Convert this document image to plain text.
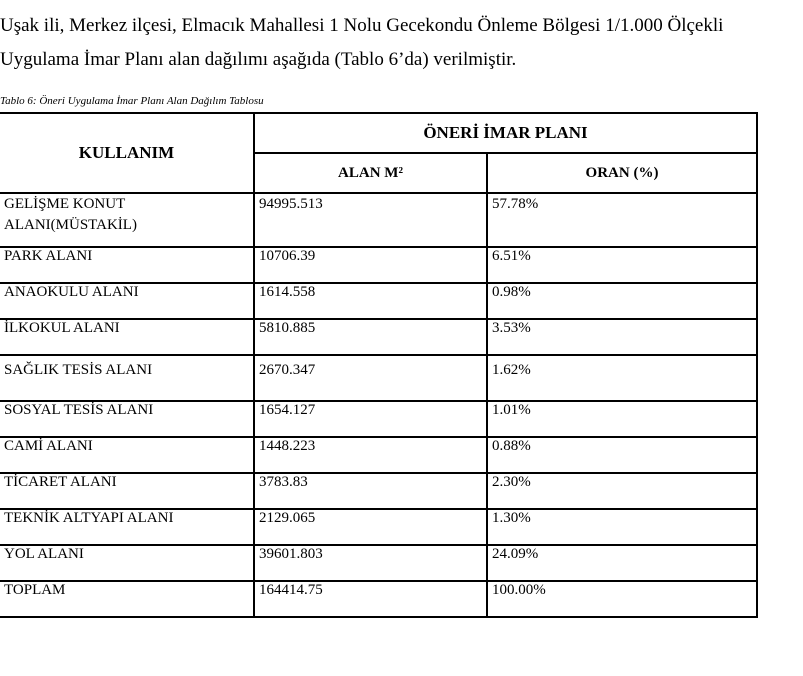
Uşak ili, Merkez ilçesi, Elmacık Mahallesi 1 Nolu Gecekondu Önleme Bölgesi 1/1.000 Ölçekli
Uygulama İmar Planı alan dağılımı aşağıda (Tablo 6’da) verilmiştir.
Tablo 6: Öneri Uygulama İmar Planı Alan Dağılım Tablosu
KULLANIM	ÖNERİ İMAR PLANI	
	ALAN M²	ORAN (%)
GELİŞME KONUT ALANI(MÜSTAKİL)	94995.513	57.78%
PARK ALANI	10706.39	6.51%
ANAOKULU ALANI	1614.558	0.98%
İLKOKUL ALANI	5810.885	3.53%
SAĞLIK TESİS ALANI	2670.347	1.62%
SOSYAL TESİS ALANI	1654.127	1.01%
CAMİ ALANI	1448.223	0.88%
TİCARET ALANI	3783.83	2.30%
TEKNİK ALTYAPI ALANI	2129.065	1.30%
YOL ALANI	39601.803	24.09%
TOPLAM	164414.75	100.00%
